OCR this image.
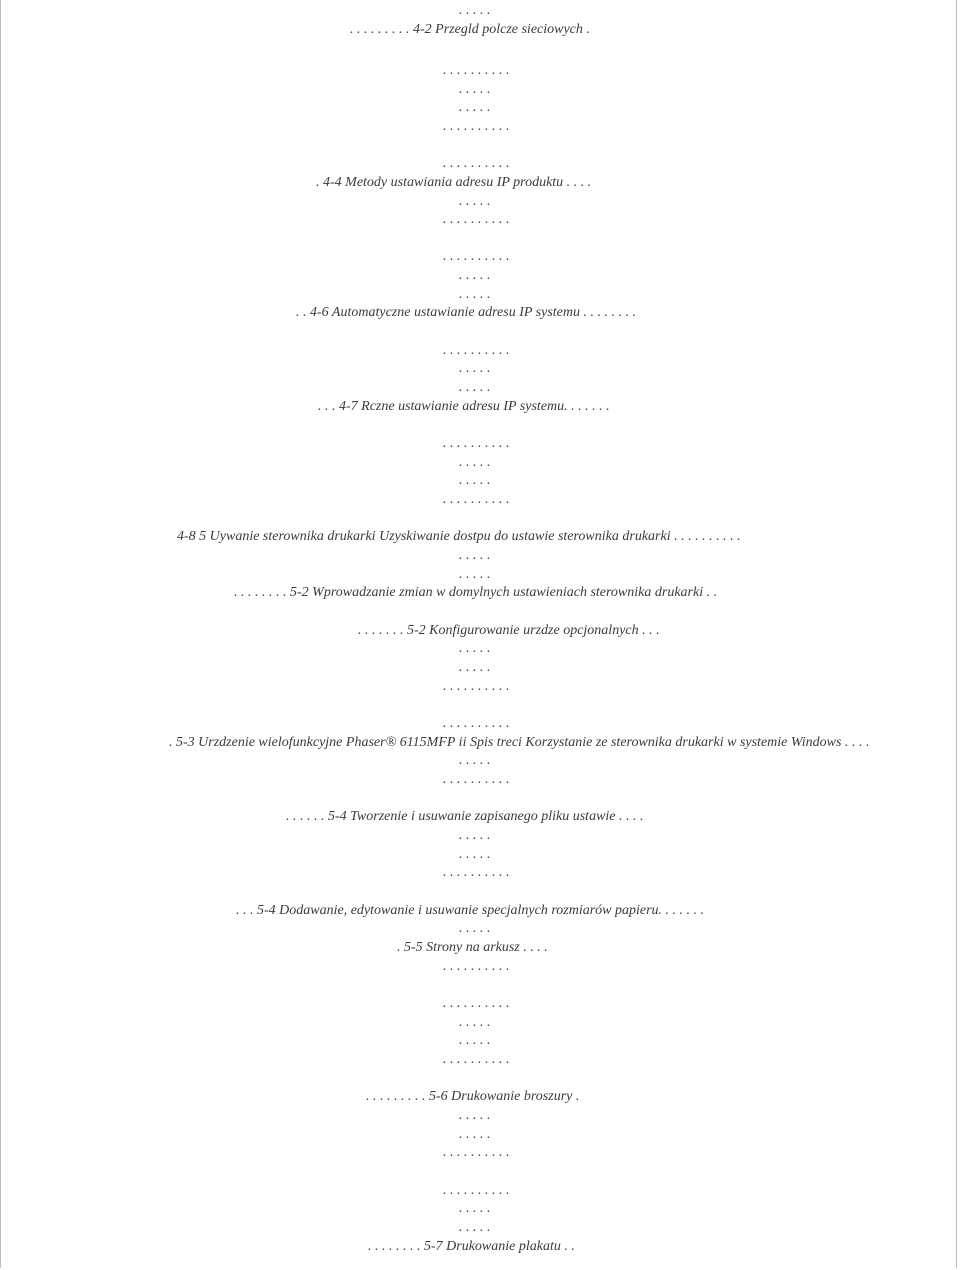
. . . . .
. . . . . . . . . 4-2 Przegld polcze sieciowych .
. . . . . . . . . .
. . . . .
. . . . .
. . . . . . . . . .
. . . . . . . . . .
. 4-4 Metody ustawiania adresu IP produktu . . . .
. . . . .
. . . . . . . . . .
. . . . . . . . . .
. . . . .
. . . . .
. . 4-6 Automatyczne ustawianie adresu IP systemu . . . . . . . .
. . . . . . . . . .
. . . . .
. . . . .
. . . 4-7 Rczne ustawianie adresu IP systemu. . . . . . .
. . . . . . . . . .
. . . . .
. . . . .
. . . . . . . . . .
4-8 5 Uywanie sterownika drukarki Uzyskiwanie dostpu do ustawie sterownika drukarki . . . . . . . . . .
. . . . .
. . . . .
. . . . . . . . 5-2 Wprowadzanie zmian w domylnych ustawieniach sterownika drukarki . .
. . . . . . . 5-2 Konfigurowanie urzdze opcjonalnych . . .
. . . . .
. . . . .
. . . . . . . . . .
. . . . . . . . . .
. 5-3 Urzdzenie wielofunkcyjne Phaser® 6115MFP ii Spis treci Korzystanie ze sterownika drukarki w systemie Windows . . . .
. . . . .
. . . . . . . . . .
. . . . . . 5-4 Tworzenie i usuwanie zapisanego pliku ustawie . . . .
. . . . .
. . . . .
. . . . . . . . . .
. . . 5-4 Dodawanie, edytowanie i usuwanie specjalnych rozmiarów papieru. . . . . . .
. . . . .
. 5-5 Strony na arkusz . . . .
. . . . . . . . . .
. . . . . . . . . .
. . . . .
. . . . .
. . . . . . . . . .
. . . . . . . . . 5-6 Drukowanie broszury .
. . . . .
. . . . .
. . . . . . . . . .
. . . . . . . . . .
. . . . .
. . . . .
. . . . . . . . 5-7 Drukowanie plakatu . .
